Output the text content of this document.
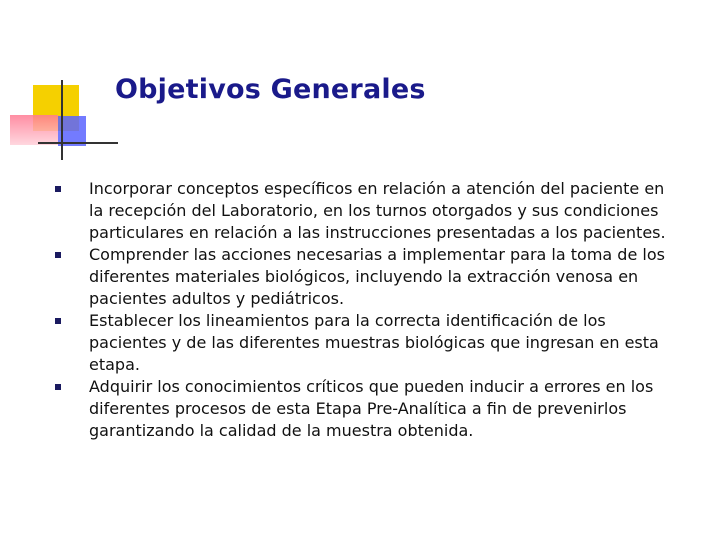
Objetivos Generales
Incorporar conceptos específicos en relación a atención del paciente en la recepción del Laboratorio, en los turnos otorgados y sus condiciones particulares en relación a las instrucciones presentadas a los pacientes.
Comprender las acciones necesarias a implementar para la toma de los diferentes materiales biológicos, incluyendo la extracción venosa en pacientes adultos y pediátricos.
Establecer los lineamientos para la correcta identificación de los pacientes y de las diferentes muestras biológicas que ingresan en esta etapa.
Adquirir los conocimientos críticos que pueden inducir a errores en los diferentes procesos de esta Etapa Pre-Analítica a fin de prevenirlos garantizando la calidad de la muestra obtenida.
